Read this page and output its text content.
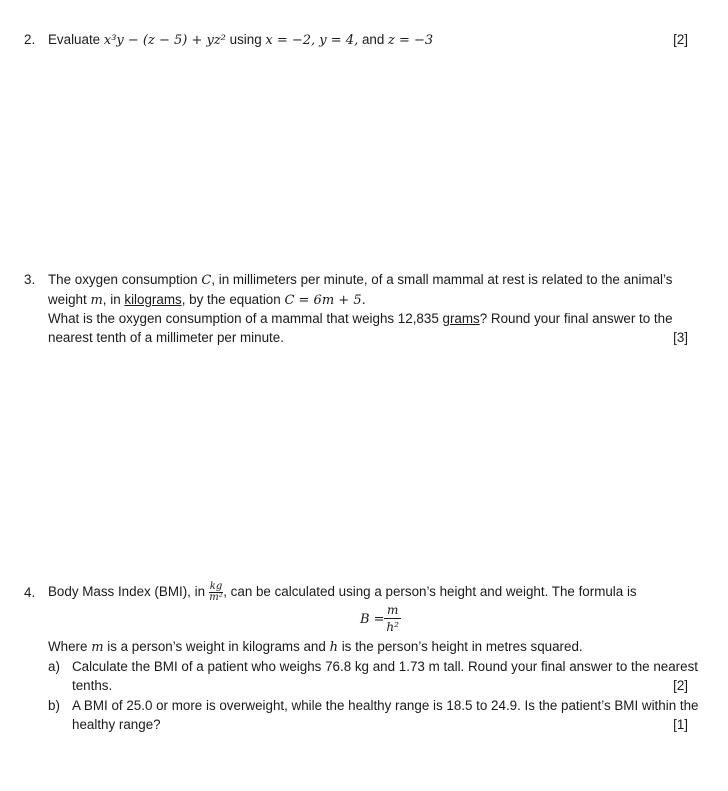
2. Evaluate x³y − (z − 5) + yz² using x = −2, y = 4, and z = −3	[2]
3. The oxygen consumption C, in millimeters per minute, of a small mammal at rest is related to the animal’s
weight m, in kilograms, by the equation C = 6m + 5.
What is the oxygen consumption of a mammal that weighs 12,835 grams? Round your final answer to the
nearest tenth of a millimeter per minute.	[3]
4. Body Mass Index (BMI), in $\frac{kg}{\text{m²}}$ , can be calculated using a person’s height and weight. The formula is
$B = \frac{m}{\text{h²}}$
Where m is a person’s weight in kilograms and h is the person’s height in metres squared.
a) Calculate the BMI of a patient who weighs 76.8 kg and 1.73 m tall. Round your final answer to the nearest
tenths.	[2]
b) A BMI of 25.0 or more is overweight, while the healthy range is 18.5 to 24.9. Is the patient’s BMI within the
healthy range?	[1]
